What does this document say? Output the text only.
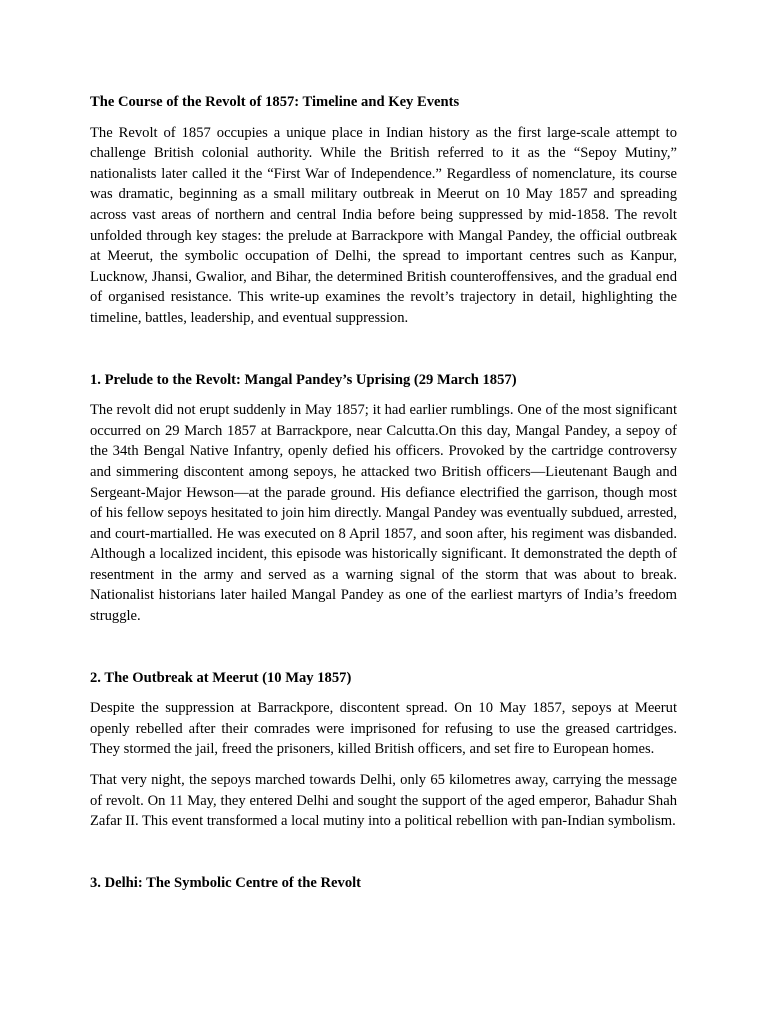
The Course of the Revolt of 1857: Timeline and Key Events

The Revolt of 1857 occupies a unique place in Indian history as the first large-scale attempt to challenge British colonial authority. While the British referred to it as the “Sepoy Mutiny,” nationalists later called it the “First War of Independence.” Regardless of nomenclature, its course was dramatic, beginning as a small military outbreak in Meerut on 10 May 1857 and spreading across vast areas of northern and central India before being suppressed by mid-1858. The revolt unfolded through key stages: the prelude at Barrackpore with Mangal Pandey, the official outbreak at Meerut, the symbolic occupation of Delhi, the spread to important centres such as Kanpur, Lucknow, Jhansi, Gwalior, and Bihar, the determined British counteroffensives, and the gradual end of organised resistance. This write-up examines the revolt’s trajectory in detail, highlighting the timeline, battles, leadership, and eventual suppression.

1. Prelude to the Revolt: Mangal Pandey’s Uprising (29 March 1857)

The revolt did not erupt suddenly in May 1857; it had earlier rumblings. One of the most significant occurred on 29 March 1857 at Barrackpore, near Calcutta.On this day, Mangal Pandey, a sepoy of the 34th Bengal Native Infantry, openly defied his officers. Provoked by the cartridge controversy and simmering discontent among sepoys, he attacked two British officers—Lieutenant Baugh and Sergeant-Major Hewson—at the parade ground. His defiance electrified the garrison, though most of his fellow sepoys hesitated to join him directly. Mangal Pandey was eventually subdued, arrested, and court-martialled. He was executed on 8 April 1857, and soon after, his regiment was disbanded. Although a localized incident, this episode was historically significant. It demonstrated the depth of resentment in the army and served as a warning signal of the storm that was about to break. Nationalist historians later hailed Mangal Pandey as one of the earliest martyrs of India’s freedom struggle.

2. The Outbreak at Meerut (10 May 1857)

Despite the suppression at Barrackpore, discontent spread. On 10 May 1857, sepoys at Meerut openly rebelled after their comrades were imprisoned for refusing to use the greased cartridges. They stormed the jail, freed the prisoners, killed British officers, and set fire to European homes.

That very night, the sepoys marched towards Delhi, only 65 kilometres away, carrying the message of revolt. On 11 May, they entered Delhi and sought the support of the aged emperor, Bahadur Shah Zafar II. This event transformed a local mutiny into a political rebellion with pan-Indian symbolism.

3. Delhi: The Symbolic Centre of the Revolt
